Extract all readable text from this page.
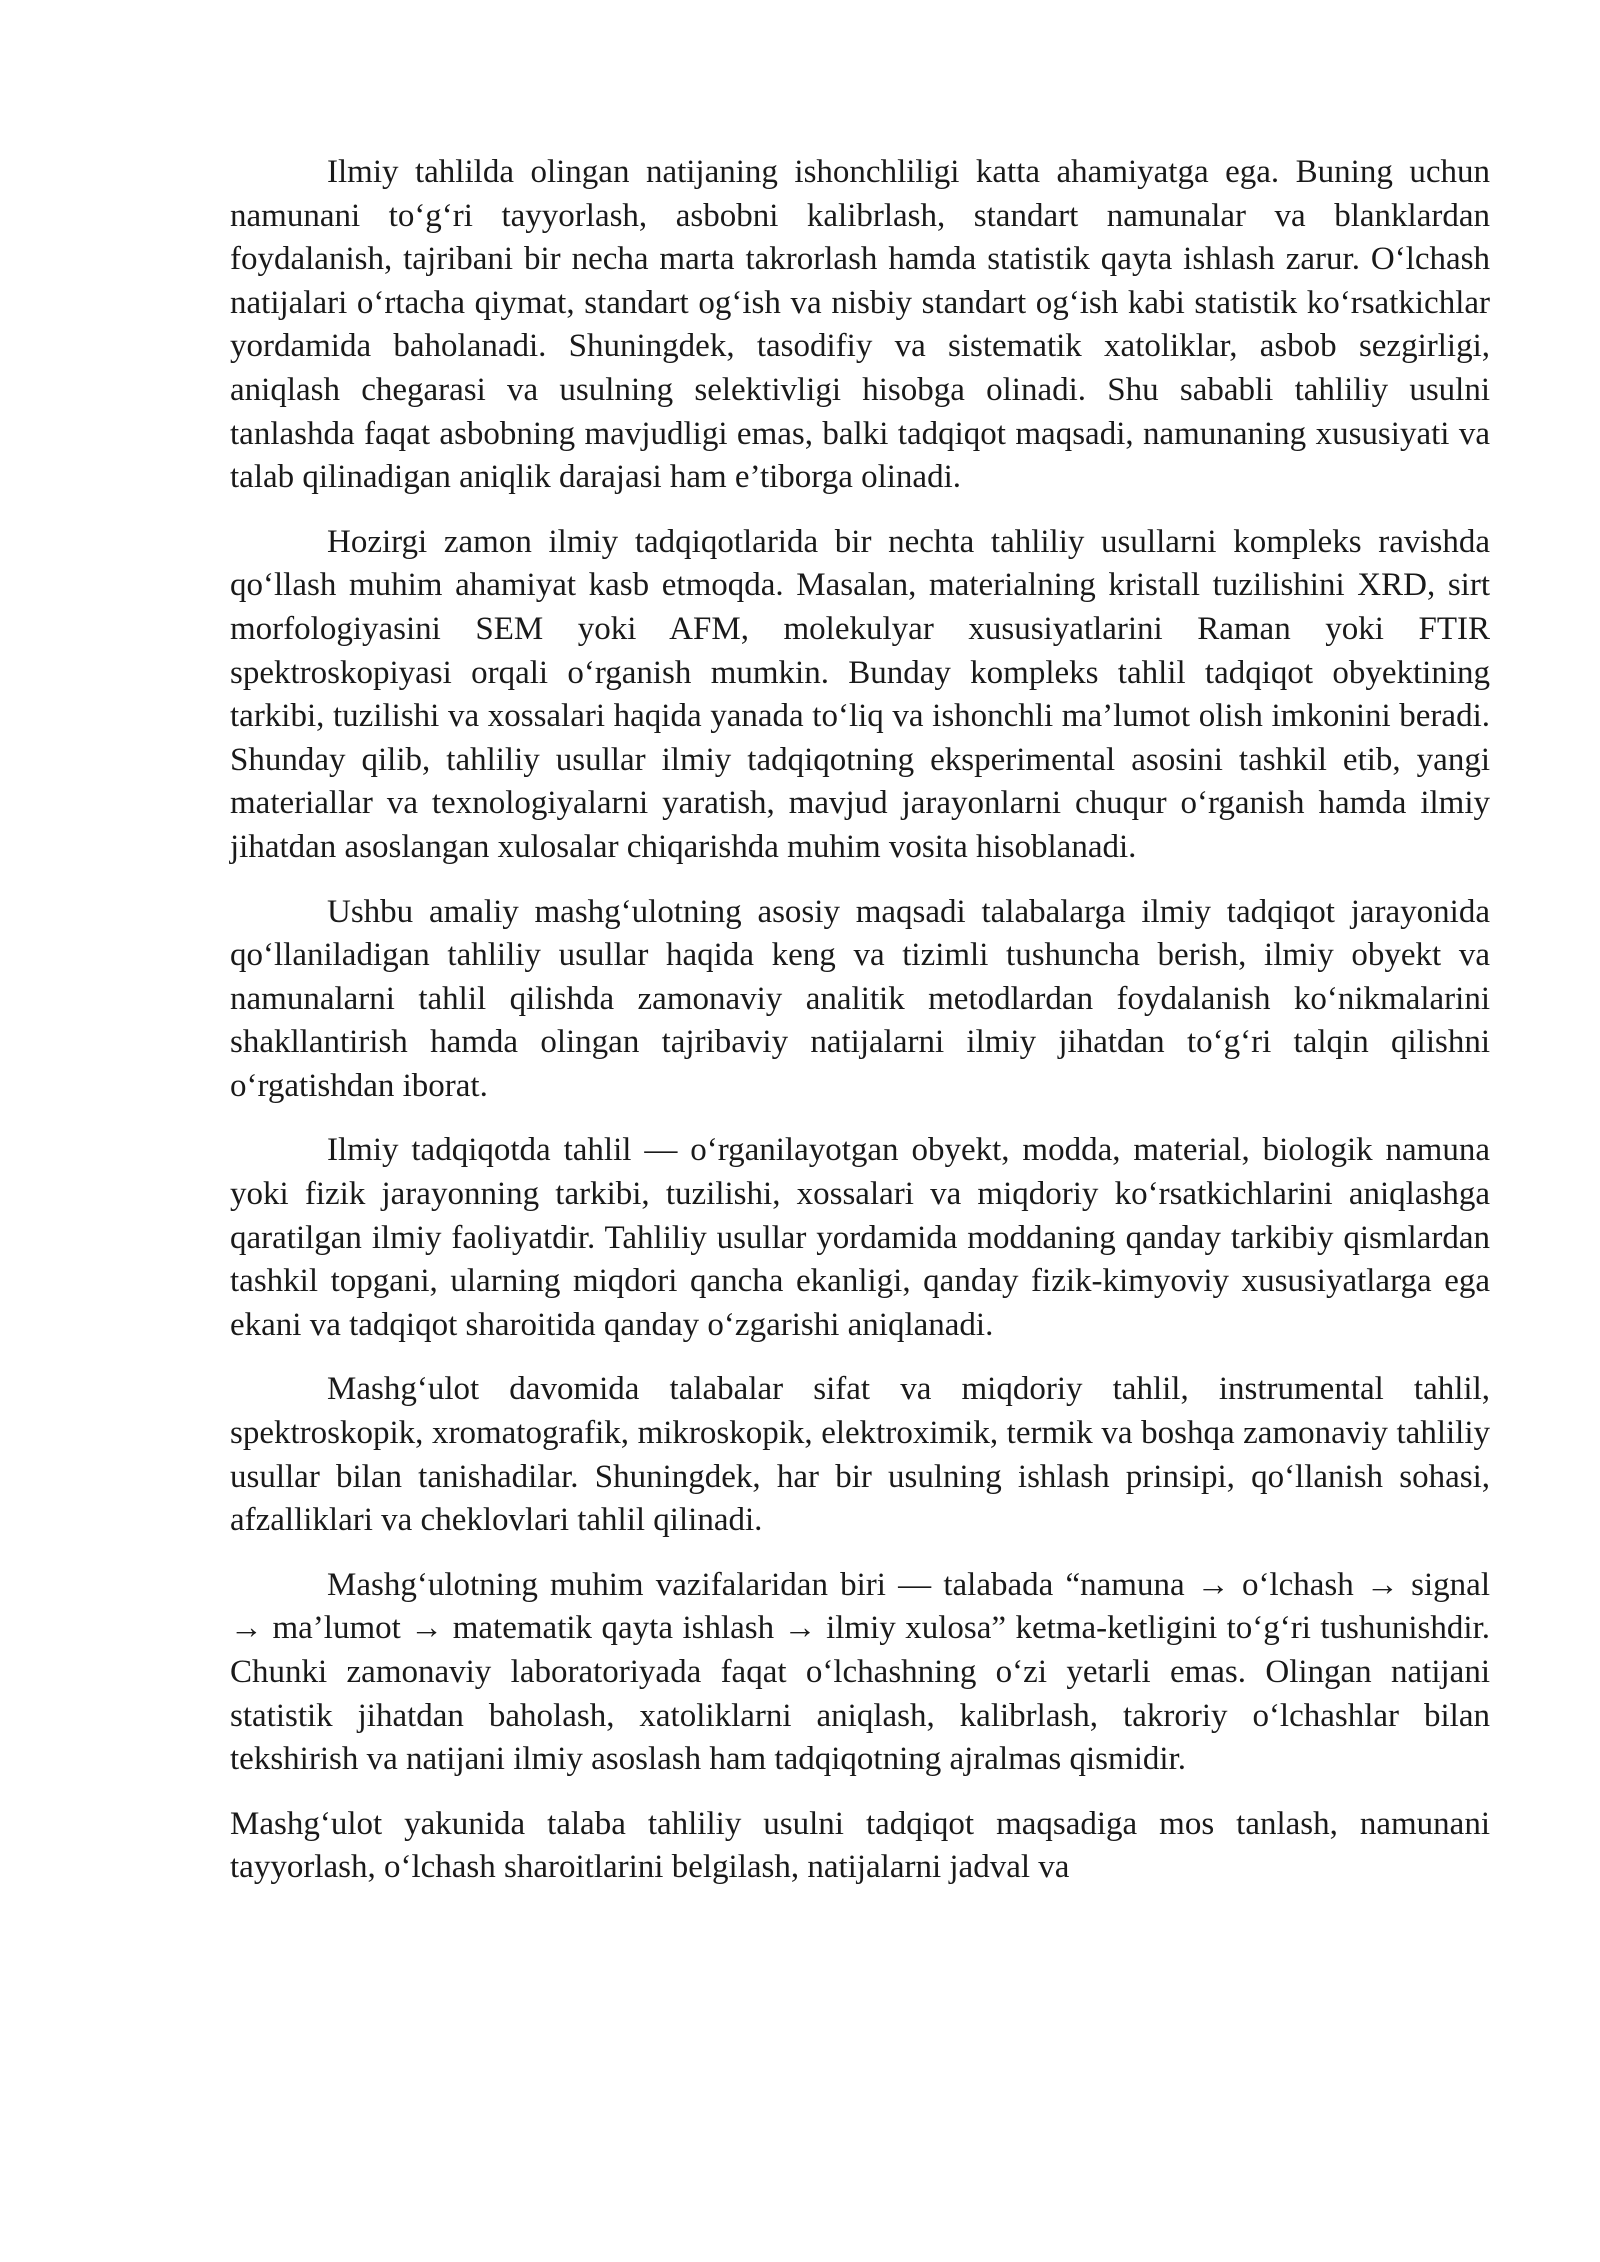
Ilmiy tahlilda olingan natijaning ishonchliligi katta ahamiyatga ega. Buning uchun namunani to‘g‘ri tayyorlash, asbobni kalibrlash, standart namunalar va blanklardan foydalanish, tajribani bir necha marta takrorlash hamda statistik qayta ishlash zarur. O‘lchash natijalari o‘rtacha qiymat, standart og‘ish va nisbiy standart og‘ish kabi statistik ko‘rsatkichlar yordamida baholanadi. Shuningdek, tasodifiy va sistematik xatoliklar, asbob sezgirligi, aniqlash chegarasi va usulning selektivligi hisobga olinadi. Shu sababli tahliliy usulni tanlashda faqat asbobning mavjudligi emas, balki tadqiqot maqsadi, namunaning xususiyati va talab qilinadigan aniqlik darajasi ham e’tiborga olinadi.

Hozirgi zamon ilmiy tadqiqotlarida bir nechta tahliliy usullarni kompleks ravishda qo‘llash muhim ahamiyat kasb etmoqda. Masalan, materialning kristall tuzilishini XRD, sirt morfologiyasini SEM yoki AFM, molekulyar xususiyatlarini Raman yoki FTIR spektroskopiyasi orqali o‘rganish mumkin. Bunday kompleks tahlil tadqiqot obyektining tarkibi, tuzilishi va xossalari haqida yanada to‘liq va ishonchli ma’lumot olish imkonini beradi. Shunday qilib, tahliliy usullar ilmiy tadqiqotning eksperimental asosini tashkil etib, yangi materiallar va texnologiyalarni yaratish, mavjud jarayonlarni chuqur o‘rganish hamda ilmiy jihatdan asoslangan xulosalar chiqarishda muhim vosita hisoblanadi.

Ushbu amaliy mashg‘ulotning asosiy maqsadi talabalarga ilmiy tadqiqot jarayonida qo‘llaniladigan tahliliy usullar haqida keng va tizimli tushuncha berish, ilmiy obyekt va namunalarni tahlil qilishda zamonaviy analitik metodlardan foydalanish ko‘nikmalarini shakllantirish hamda olingan tajribaviy natijalarni ilmiy jihatdan to‘g‘ri talqin qilishni o‘rgatishdan iborat.

Ilmiy tadqiqotda tahlil — o‘rganilayotgan obyekt, modda, material, biologik namuna yoki fizik jarayonning tarkibi, tuzilishi, xossalari va miqdoriy ko‘rsatkichlarini aniqlashga qaratilgan ilmiy faoliyatdir. Tahliliy usullar yordamida moddaning qanday tarkibiy qismlardan tashkil topgani, ularning miqdori qancha ekanligi, qanday fizik-kimyoviy xususiyatlarga ega ekani va tadqiqot sharoitida qanday o‘zgarishi aniqlanadi.

Mashg‘ulot davomida talabalar sifat va miqdoriy tahlil, instrumental tahlil, spektroskopik, xromatografik, mikroskopik, elektroximik, termik va boshqa zamonaviy tahliliy usullar bilan tanishadilar. Shuningdek, har bir usulning ishlash prinsipi, qo‘llanish sohasi, afzalliklari va cheklovlari tahlil qilinadi.

Mashg‘ulotning muhim vazifalaridan biri — talabada “namuna → o‘lchash → signal → ma’lumot → matematik qayta ishlash → ilmiy xulosa” ketma-ketligini to‘g‘ri tushunishdir. Chunki zamonaviy laboratoriyada faqat o‘lchashning o‘zi yetarli emas. Olingan natijani statistik jihatdan baholash, xatoliklarni aniqlash, kalibrlash, takroriy o‘lchashlar bilan tekshirish va natijani ilmiy asoslash ham tadqiqotning ajralmas qismidir.

Mashg‘ulot yakunida talaba tahliliy usulni tadqiqot maqsadiga mos tanlash, namunani tayyorlash, o‘lchash sharoitlarini belgilash, natijalarni jadval va
